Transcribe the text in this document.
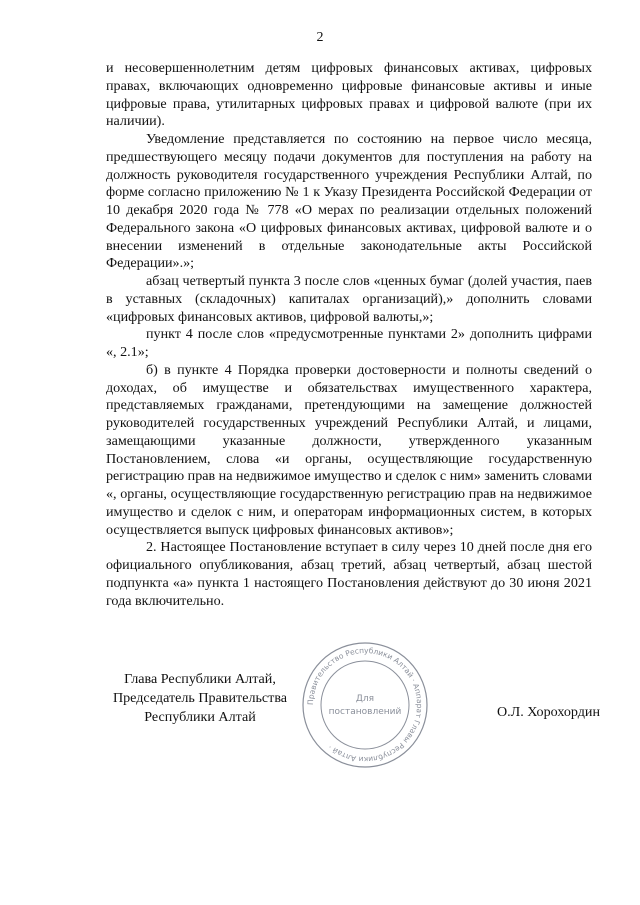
2

и несовершеннолетним детям цифровых финансовых активах, цифровых правах, включающих одновременно цифровые финансовые активы и иные цифровые права, утилитарных цифровых правах и цифровой валюте (при их наличии).

Уведомление представляется по состоянию на первое число месяца, предшествующего месяцу подачи документов для поступления на работу на должность руководителя государственного учреждения Республики Алтай, по форме согласно приложению № 1 к Указу Президента Российской Федерации от 10 декабря 2020 года № 778 «О мерах по реализации отдельных положений Федерального закона «О цифровых финансовых активах, цифровой валюте и о внесении изменений в отдельные законодательные акты Российской Федерации».»;

абзац четвертый пункта 3 после слов «ценных бумаг (долей участия, паев в уставных (складочных) капиталах организаций),» дополнить словами «цифровых финансовых активов, цифровой валюты,»;

пункт 4 после слов «предусмотренные пунктами 2» дополнить цифрами «, 2.1»;

б) в пункте 4 Порядка проверки достоверности и полноты сведений о доходах, об имуществе и обязательствах имущественного характера, представляемых гражданами, претендующими на замещение должностей руководителей государственных учреждений Республики Алтай, и лицами, замещающими указанные должности, утвержденного указанным Постановлением, слова «и органы, осуществляющие государственную регистрацию прав на недвижимое имущество и сделок с ним» заменить словами «, органы, осуществляющие государственную регистрацию прав на недвижимое имущество и сделок с ним, и операторам информационных систем, в которых осуществляется выпуск цифровых финансовых активов»;

2. Настоящее Постановление вступает в силу через 10 дней после дня его официального опубликования, абзац третий, абзац четвертый, абзац шестой подпункта «а» пункта 1 настоящего Постановления действуют до 30 июня 2021 года включительно.

Глава Республики Алтай,
Председатель Правительства
Республики Алтай	О.Л. Хорохордин
Правительство Республики Алтай · Аппарат Главы Республики Алтай ·
Для
постановлений
